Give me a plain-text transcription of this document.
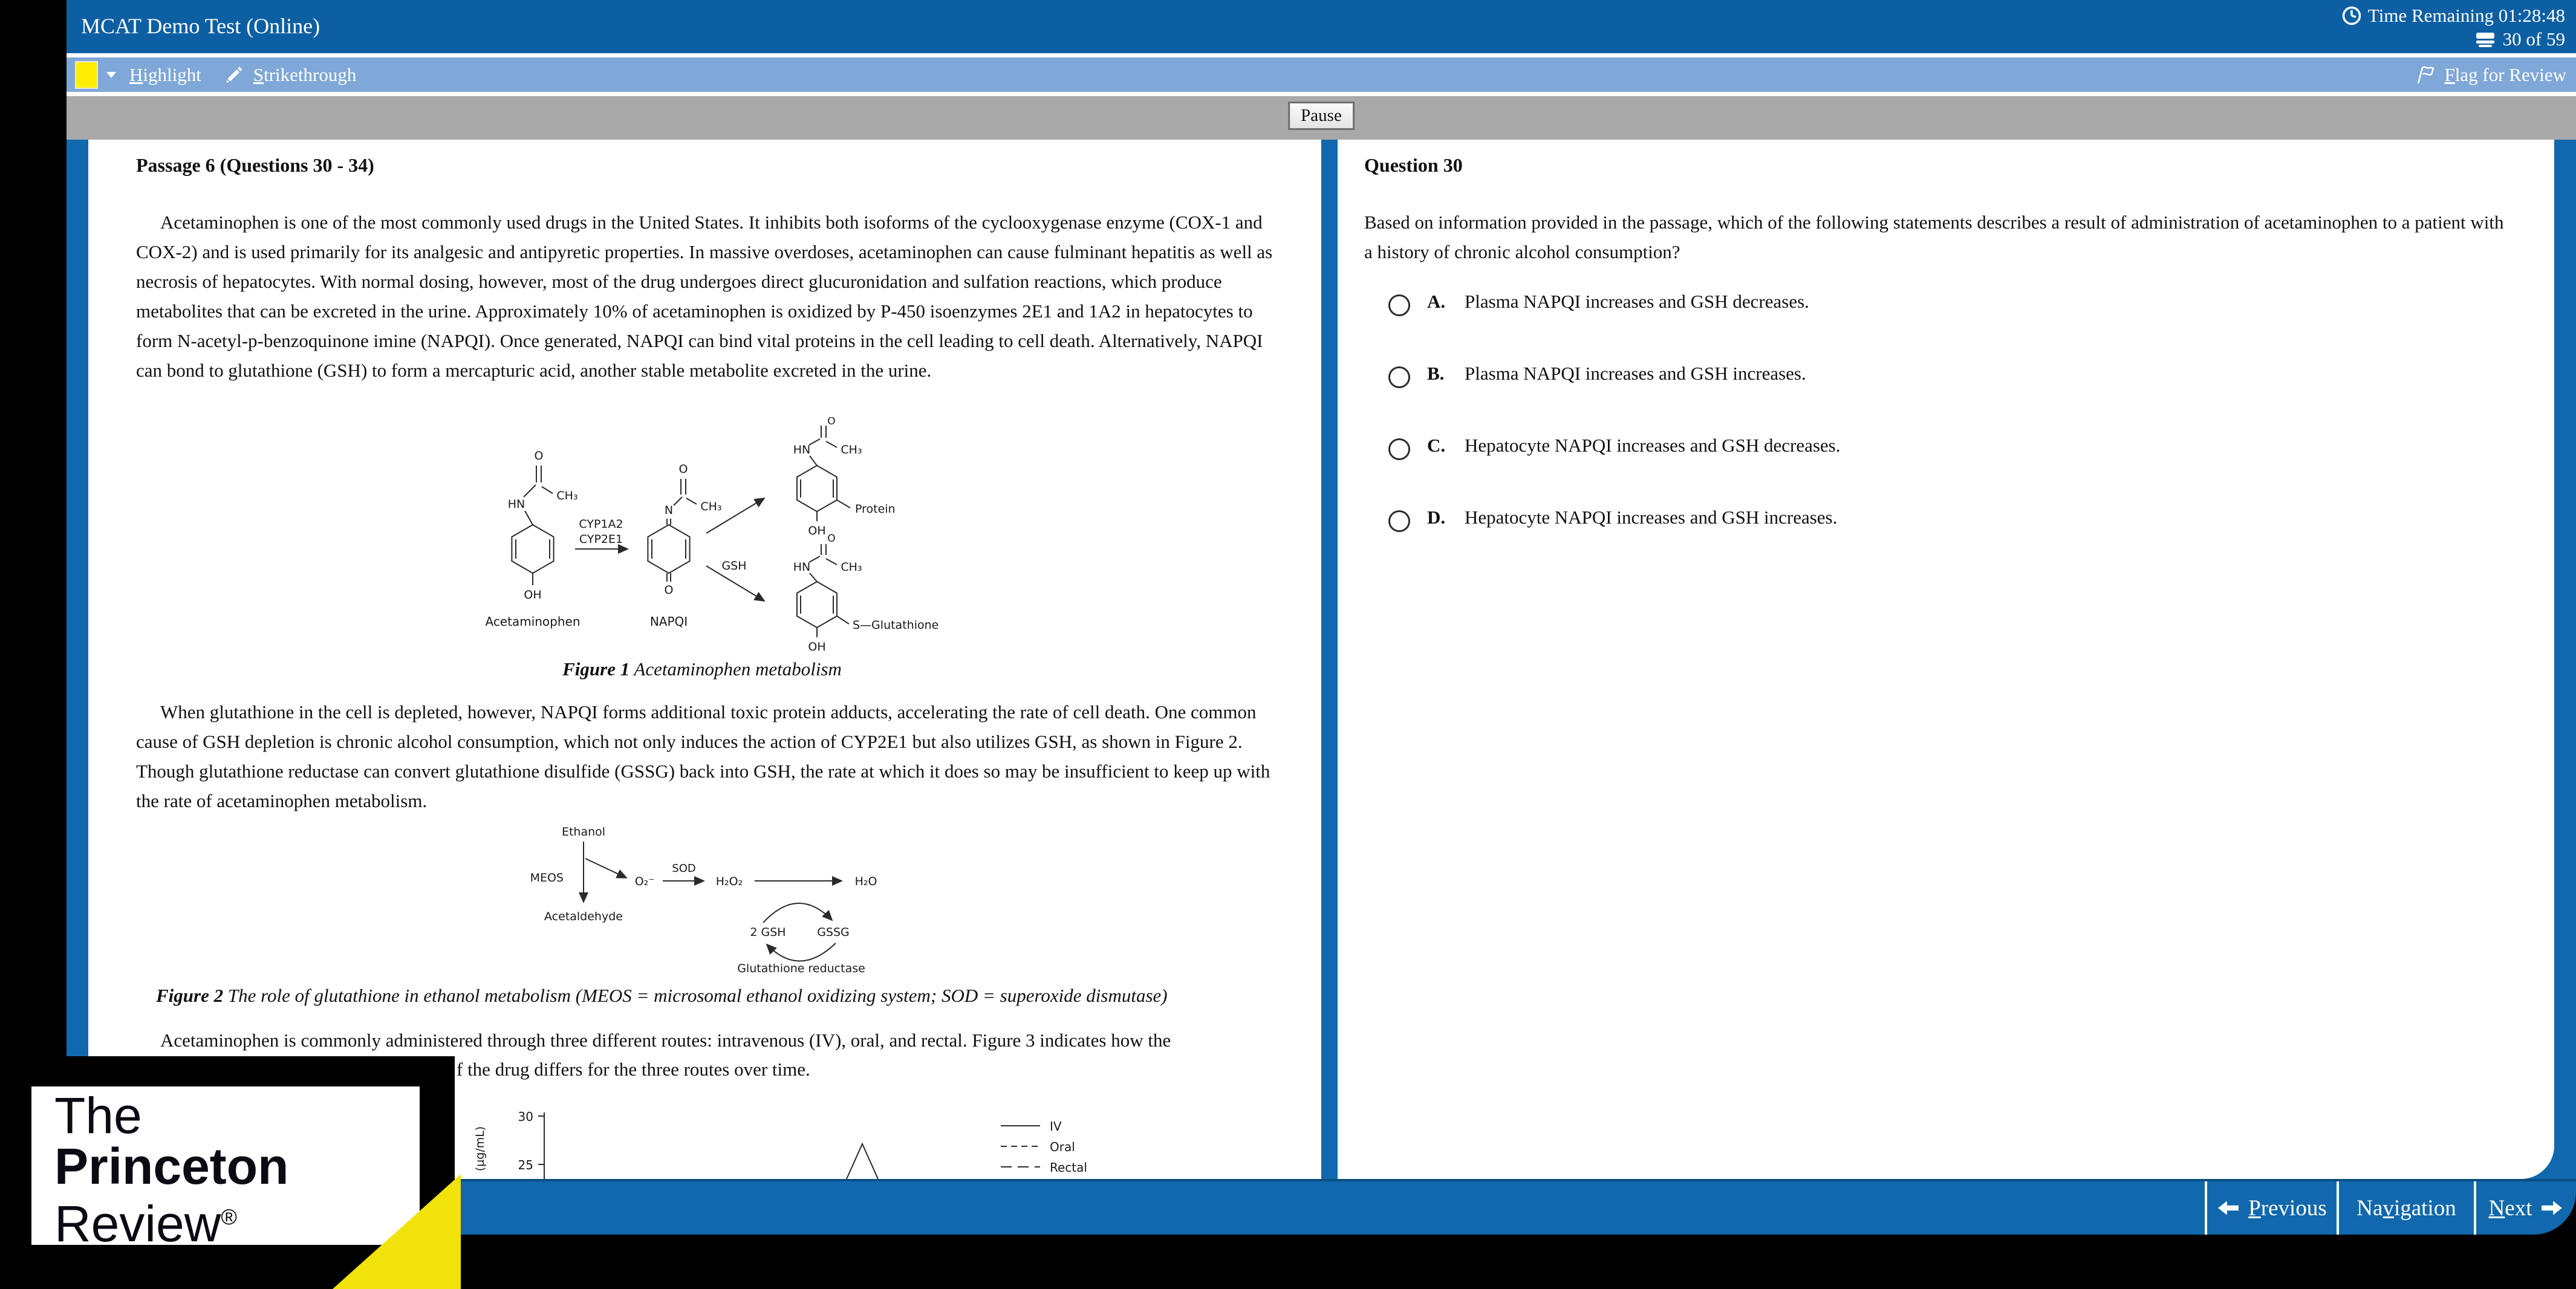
MCAT Demo Test (Online)	Time Remaining 01:28:48
30 of 59
Highlight	Strikethrough	Flag for Review
Pause
Passage 6 (Questions 30 - 34)
Acetaminophen is one of the most commonly used drugs in the United States. It inhibits both isoforms of the cyclooxygenase enzyme (COX-1 and COX-2) and is used primarily for its analgesic and antipyretic properties. In massive overdoses, acetaminophen can cause fulminant hepatitis as well as necrosis of hepatocytes. With normal dosing, however, most of the drug undergoes direct glucuronidation and sulfation reactions, which produce metabolites that can be excreted in the urine. Approximately 10% of acetaminophen is oxidized by P-450 isoenzymes 2E1 and 1A2 in hepatocytes to form N-acetyl-p-benzoquinone imine (NAPQI). Once generated, NAPQI can bind vital proteins in the cell leading to cell death. Alternatively, NAPQI can bond to glutathione (GSH) to form a mercapturic acid, another stable metabolite excreted in the urine.
HN
O
CH₃
OH
Acetaminophen
CYP1A2
CYP2E1
N
O
CH₃
O
NAPQI
GSH
HN
O
CH₃
Protein
OH
HN
O
CH₃
S—Glutathione
OH
Figure 1 Acetaminophen metabolism
When glutathione in the cell is depleted, however, NAPQI forms additional toxic protein adducts, accelerating the rate of cell death. One common cause of GSH depletion is chronic alcohol consumption, which not only induces the action of CYP2E1 but also utilizes GSH, as shown in Figure 2. Though glutathione reductase can convert glutathione disulfide (GSSG) back into GSH, the rate at which it does so may be insufficient to keep up with the rate of acetaminophen metabolism.
Ethanol
MEOS
Acetaldehyde
O₂⁻
SOD
H₂O₂	H₂O
2 GSH	GSSG
Glutathione reductase
Figure 2 The role of glutathione in ethanol metabolism (MEOS = microsomal ethanol oxidizing system; SOD = superoxide dismutase)
Acetaminophen is commonly administered through three different routes: intravenous (IV), oral, and rectal. Figure 3 indicates how the
f the drug differs for the three routes over time.
(µg/mL)
30
25
IV
Oral
Rectal
Question 30
Based on information provided in the passage, which of the following statements describes a result of administration of acetaminophen to a patient with a history of chronic alcohol consumption?
A. Plasma NAPQI increases and GSH decreases.
B. Plasma NAPQI increases and GSH increases.
C. Hepatocyte NAPQI increases and GSH decreases.
D. Hepatocyte NAPQI increases and GSH increases.
Previous Navigation Next
The
Princeton
Review®
